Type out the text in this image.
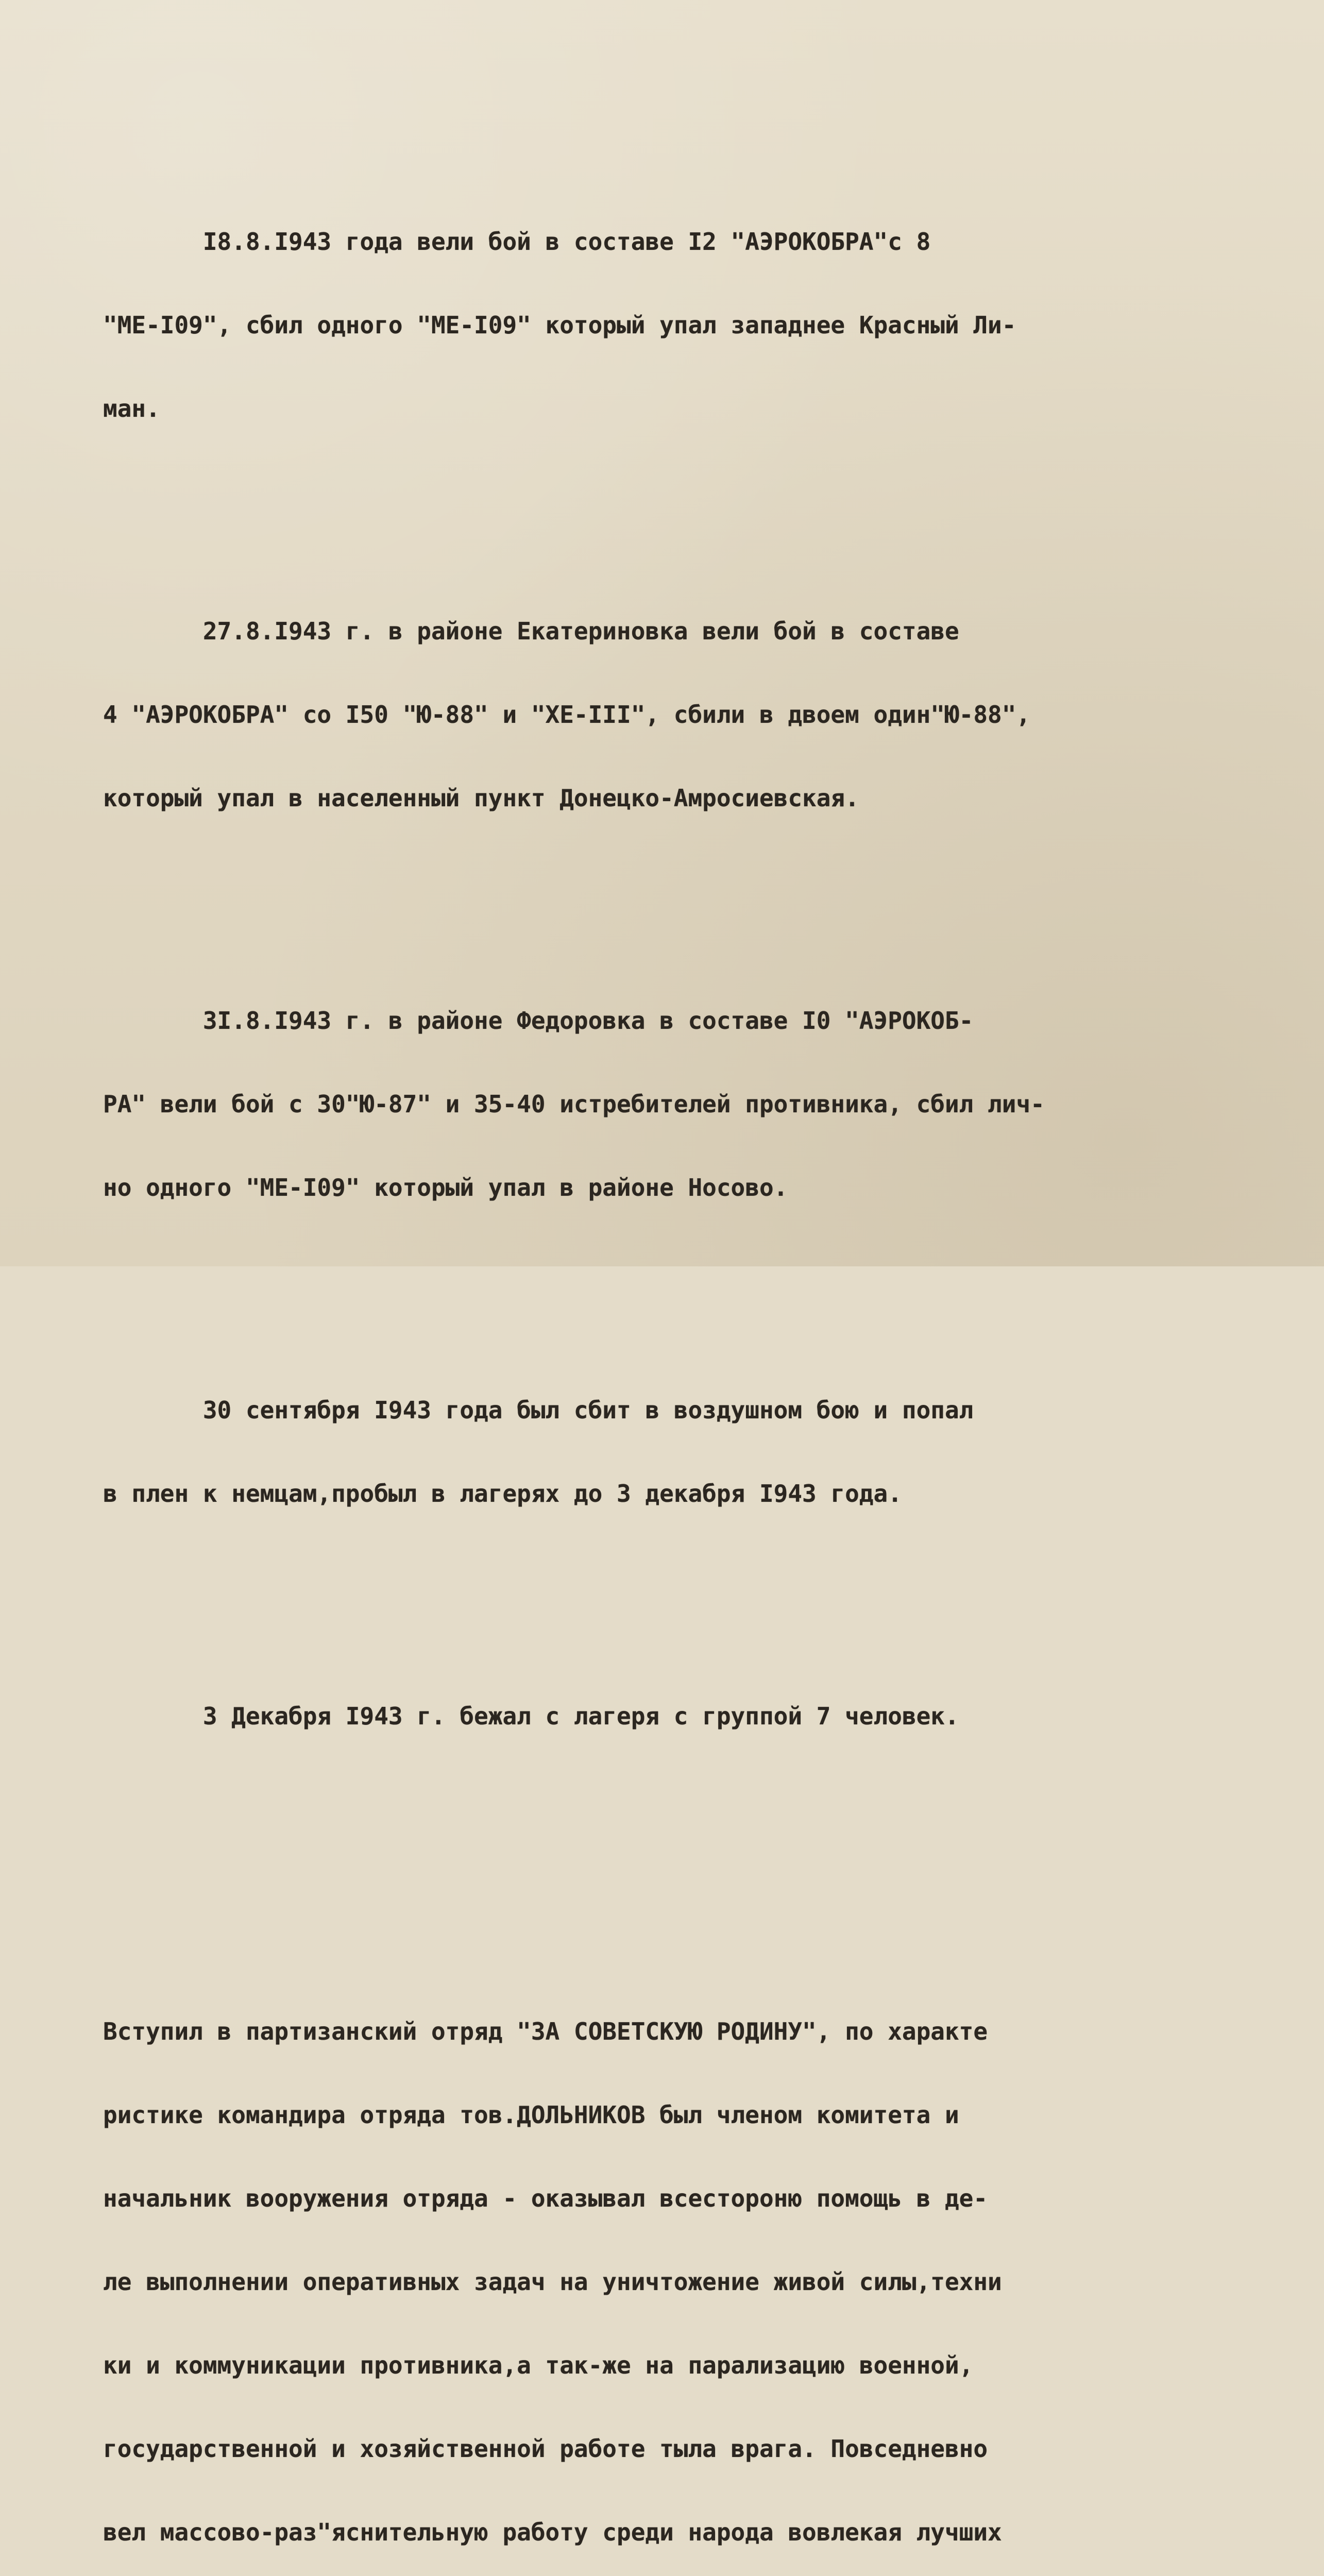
I8.8.I943 года вели бой в составе I2 "АЭРОКОБРА"с 8

"МЕ-I09", сбил одного "МЕ-I09" который упал западнее Красный Ли-

ман.

27.8.I943 г. в районе Екатериновка вели бой в составе

4 "АЭРОКОБРА" со I50 "Ю-88" и "ХЕ-III", сбили в двоем один"Ю-88",

который упал в населенный пункт Донецко-Амросиевская.

3I.8.I943 г. в районе Федоровка в составе I0 "АЭРОКОБ-

РА" вели бой с 30"Ю-87" и 35-40 истребителей противника, сбил лич-

но одного "МЕ-I09" который упал в районе Носово.

30 сентября I943 года был сбит в воздушном бою и попал

в плен к немцам,пробыл в лагерях до 3 декабря I943 года.

3 Декабря I943 г. бежал с лагеря с группой 7 человек.

Вступил в партизанский отряд "ЗА СОВЕТСКУЮ РОДИНУ", по характе

ристике командира отряда тов.ДОЛЬНИКОВ был членом комитета и

начальник вооружения отряда - оказывал всестороню помощь в де-

ле выполнении оперативных задач на уничтожение живой силы,техни

ки и коммуникации противника,а так-же на парализацию военной,

государственной и хозяйственной работе тыла врага. Повседневно

вел массово-раз"яснительную работу среди народа вовлекая лучших
